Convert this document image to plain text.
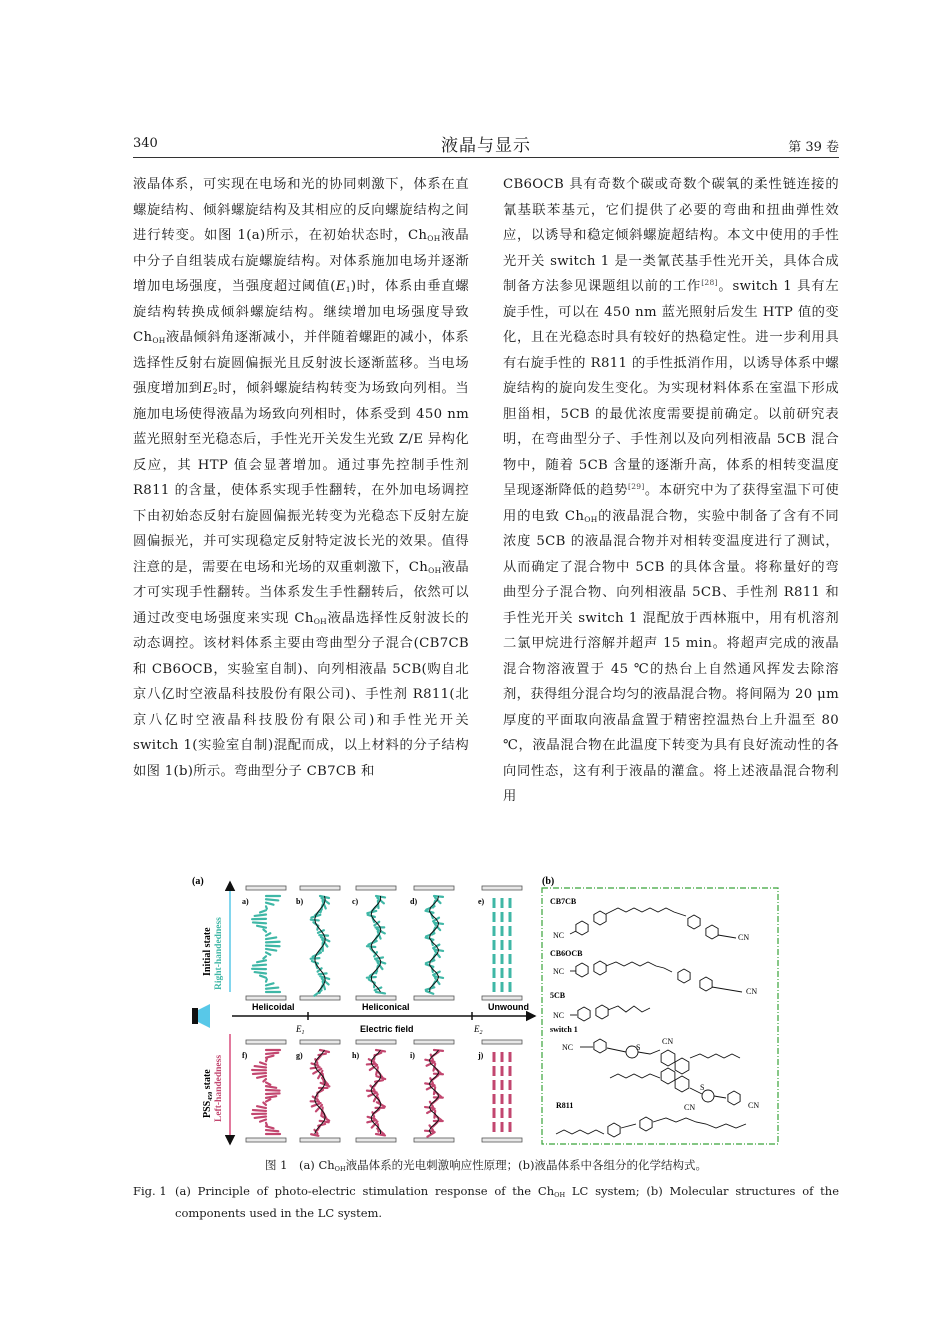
340	液晶与显示	第 39 卷
液晶体系，可实现在电场和光的协同刺激下，体系在直螺旋结构、倾斜螺旋结构及其相应的反向螺旋结构之间进行转变。如图 1(a)所示，在初始状态时，$Ch_{OH}$液晶中分子自组装成右旋螺旋结构。对体系施加电场并逐渐增加电场强度，当强度超过阈值$(E_1)$时，体系由垂直螺旋结构转换成倾斜螺旋结构。继续增加电场强度导致 $Ch_{OH}$液晶倾斜角逐渐减小，并伴随着螺距的减小，体系选择性反射右旋圆偏振光且反射波长逐渐蓝移。当电场强度增加到$E_2$时，倾斜螺旋结构转变为场致向列相。当施加电场使得液晶为场致向列相时，体系受到 450 nm 蓝光照射至光稳态后，手性光开关发生光致 Z/E 异构化反应，其 HTP 值会显著增加。通过事先控制手性剂 R811 的含量，使体系实现手性翻转，在外加电场调控下由初始态反射右旋圆偏振光转变为光稳态下反射左旋圆偏振光，并可实现稳定反射特定波长光的效果。值得注意的是，需要在电场和光场的双重刺激下，$Ch_{OH}$液晶才可实现手性翻转。当体系发生手性翻转后，依然可以通过改变电场强度来实现 $Ch_{OH}$液晶选择性反射波长的动态调控。该材料体系主要由弯曲型分子混合(CB7CB 和 CB6OCB，实验室自制)、向列相液晶 5CB(购自北京八亿时空液晶科技股份有限公司)、手性剂 R811(北京八亿时空液晶科技股份有限公司)和手性光开关 switch 1(实验室自制)混配而成，以上材料的分子结构如图 1(b)所示。弯曲型分子 CB7CB 和
CB6OCB 具有奇数个碳或奇数个碳氧的柔性链连接的氰基联苯基元，它们提供了必要的弯曲和扭曲弹性效应，以诱导和稳定倾斜螺旋超结构。本文中使用的手性光开关 switch 1 是一类氰芪基手性光开关，具体合成制备方法参见课题组以前的工作[28]。switch 1 具有左旋手性，可以在 450 nm 蓝光照射后发生 HTP 值的变化，且在光稳态时具有较好的热稳定性。进一步利用具有右旋手性的 R811 的手性抵消作用，以诱导体系中螺旋结构的旋向发生变化。为实现材料体系在室温下形成胆甾相，5CB 的最优浓度需要提前确定。以前研究表明，在弯曲型分子、手性剂以及向列相液晶 5CB 混合物中，随着 5CB 含量的逐渐升高，体系的相转变温度呈现逐渐降低的趋势[29]。本研究中为了获得室温下可使用的电致 $Ch_{OH}$的液晶混合物，实验中制备了含有不同浓度 5CB 的液晶混合物并对相转变温度进行了测试，从而确定了混合物中 5CB 的具体含量。将称量好的弯曲型分子混合物、向列相液晶 5CB、手性剂 R811 和手性光开关 switch 1 混配放于西林瓶中，用有机溶剂二氯甲烷进行溶解并超声 15 min。将超声完成的液晶混合物溶液置于 45 ℃的热台上自然通风挥发去除溶剂，获得组分混合均匀的液晶混合物。将间隔为 20 μm 厚度的平面取向液晶盒置于精密控温热台上升温至 80 ℃，液晶混合物在此温度下转变为具有良好流动性的各向同性态，这有利于液晶的灌盒。将上述液晶混合物利用
(a)	(b)
Initial state Right-handedness
$PSS_{450}$ state Left-handedness
$E_1$	Electric field	$E_2$
Helicoidal	Heliconical	Unwound
a)	b)	c)	d)	e)
f)	g)	h)	i)	j)
CB7CB
NC	CN
CB6OCB
NC
CN
5CB
NC
switch 1
NC	S
CN
S
CN	CN
R811
图 1　(a) $Ch_{OH}$液晶体系的光电刺激响应性原理；(b)液晶体系中各组分的化学结构式。
Fig. 1 (a) Principle of photo-electric stimulation response of the $Ch_{OH}$ LC system; (b) Molecular structures of the components used in the LC system.
